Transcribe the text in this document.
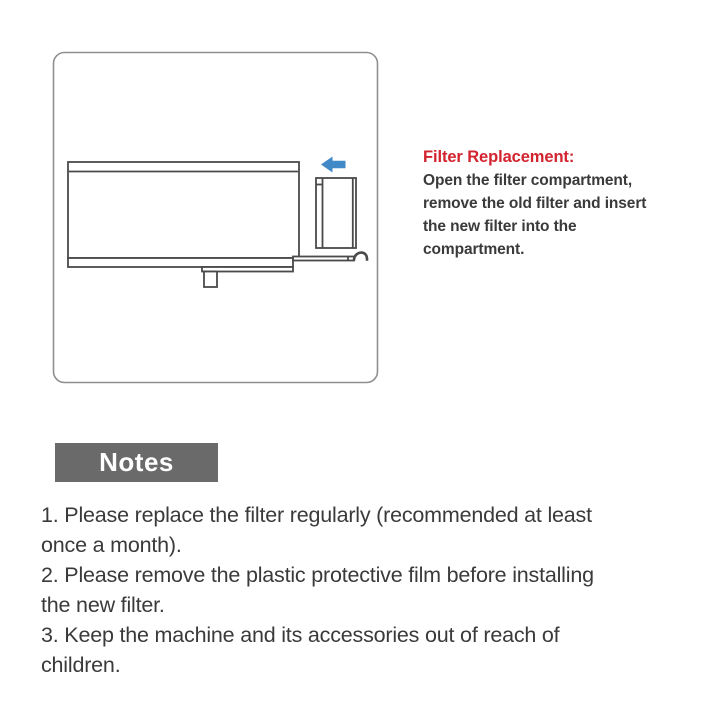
Filter Replacement:
Open the filter compartment,
remove the old filter and insert
the new filter into the
compartment.
Notes
1. Please replace the filter regularly (recommended at least
once a month).
2. Please remove the plastic protective film before installing
the new filter.
3. Keep the machine and its accessories out of reach of
children.
